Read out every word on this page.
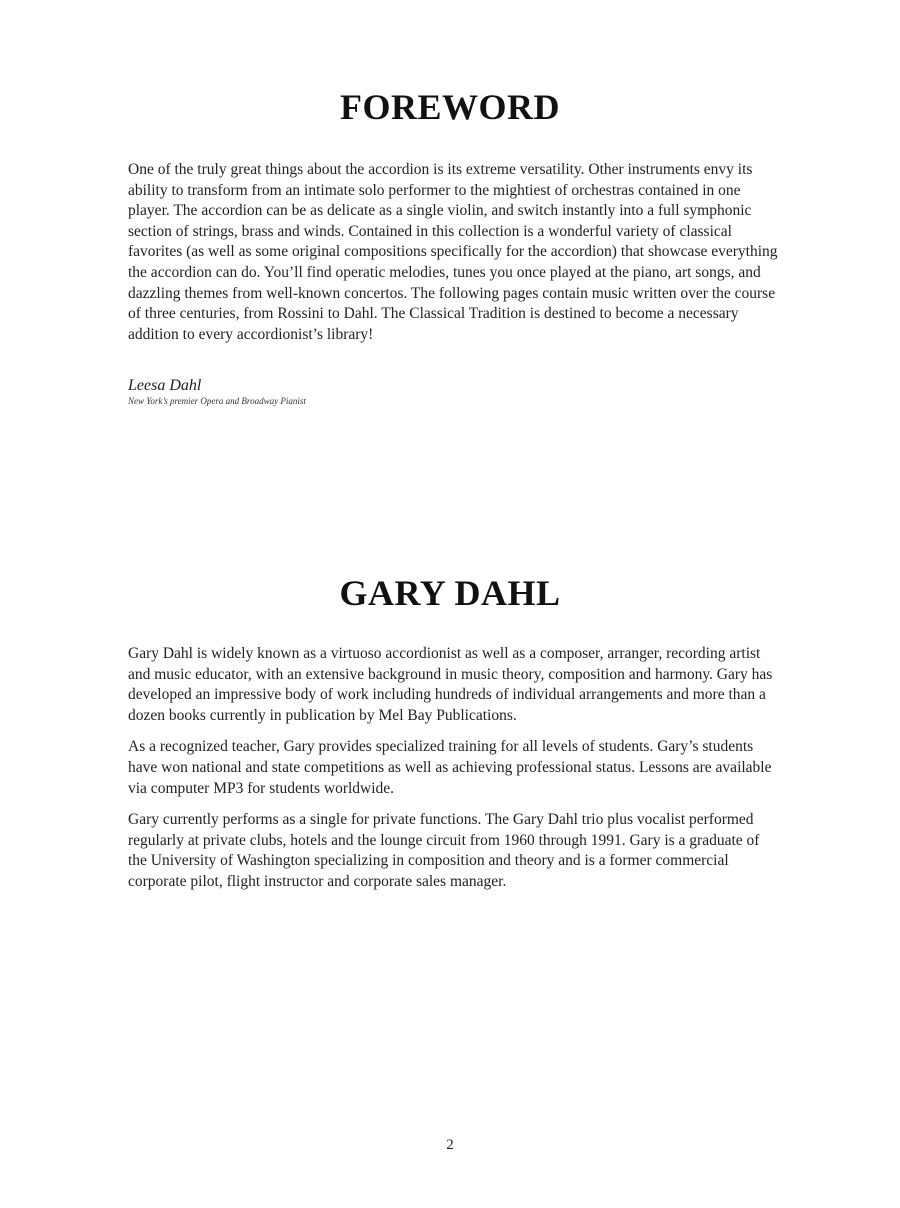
FOREWORD

One of the truly great things about the accordion is its extreme versatility. Other instruments envy its ability to transform from an intimate solo performer to the mightiest of orchestras contained in one player. The accordion can be as delicate as a single violin, and switch instantly into a full symphonic section of strings, brass and winds. Contained in this collection is a wonderful variety of classical favorites (as well as some original compositions specifically for the accordion) that showcase everything the accordion can do. You’ll find operatic melodies, tunes you once played at the piano, art songs, and dazzling themes from well-known concertos. The following pages contain music written over the course of three centuries, from Rossini to Dahl. The Classical Tradition is destined to become a necessary addition to every accordionist’s library!

Leesa Dahl
New York’s premier Opera and Broadway Pianist
GARY DAHL

Gary Dahl is widely known as a virtuoso accordionist as well as a composer, arranger, recording artist and music educator, with an extensive background in music theory, composition and harmony. Gary has developed an impressive body of work including hundreds of individual arrangements and more than a dozen books currently in publication by Mel Bay Publications.

As a recognized teacher, Gary provides specialized training for all levels of students. Gary’s students have won national and state competitions as well as achieving professional status. Lessons are available via computer MP3 for students worldwide.

Gary currently performs as a single for private functions. The Gary Dahl trio plus vocalist performed regularly at private clubs, hotels and the lounge circuit from 1960 through 1991. Gary is a graduate of the University of Washington specializing in composition and theory and is a former commercial corporate pilot, flight instructor and corporate sales manager.

2
